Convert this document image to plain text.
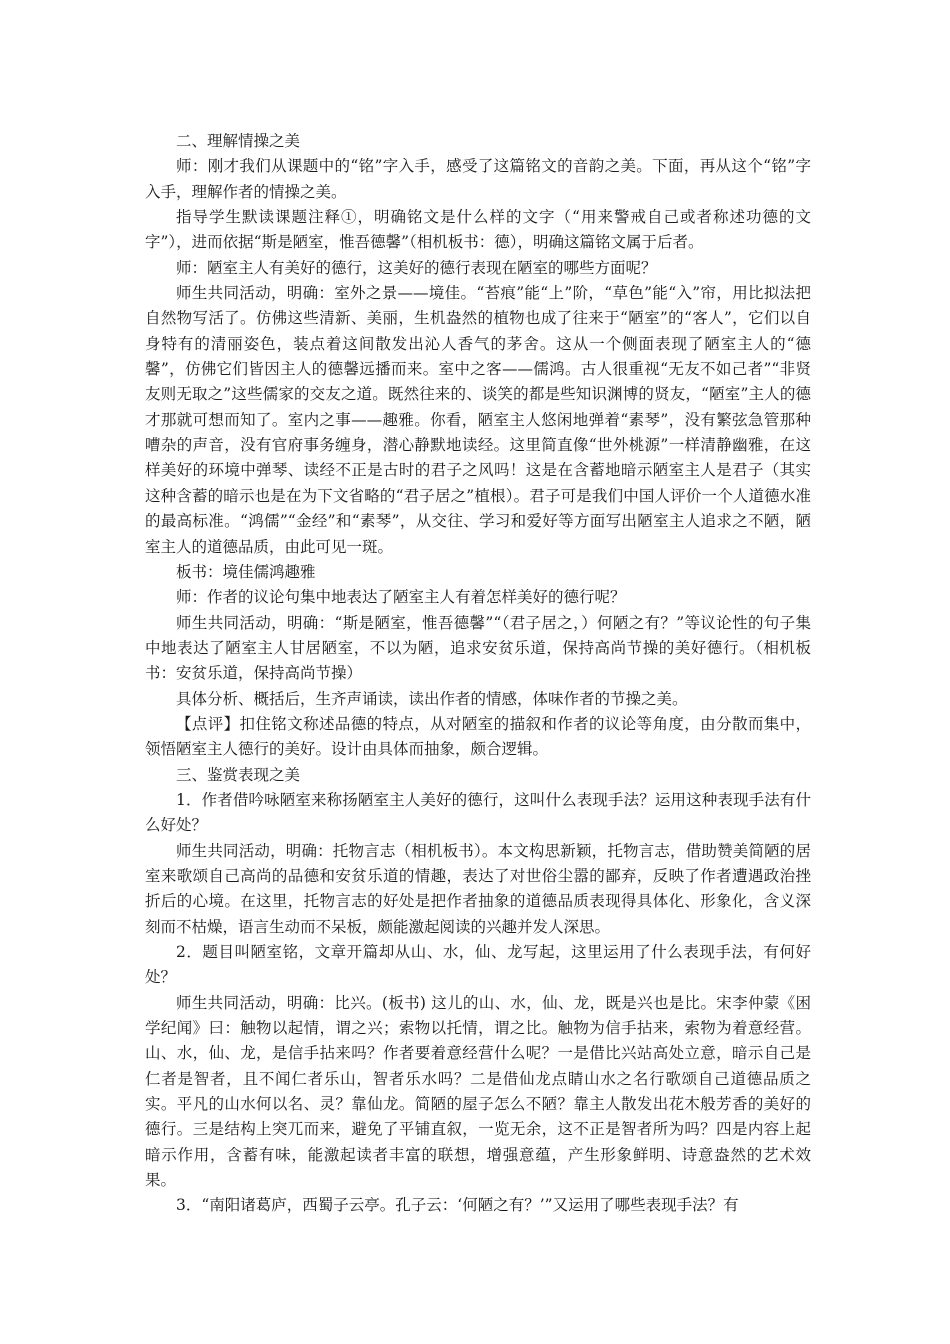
二、理解情操之美

师：刚才我们从课题中的“铭”字入手，感受了这篇铭文的音韵之美。下面，再从这个“铭”字入手，理解作者的情操之美。

指导学生默读课题注释①，明确铭文是什么样的文字（“用来警戒自己或者称述功德的文字”），进而依据“斯是陋室，惟吾德馨”（相机板书：德），明确这篇铭文属于后者。

师：陋室主人有美好的德行，这美好的德行表现在陋室的哪些方面呢？

师生共同活动，明确：室外之景——境佳。“苔痕”能“上”阶，“草色”能“入”帘，用比拟法把自然物写活了。仿佛这些清新、美丽，生机盎然的植物也成了往来于“陋室”的“客人”，它们以自身特有的清丽姿色，装点着这间散发出沁人香气的茅舍。这从一个侧面表现了陋室主人的“德馨”，仿佛它们皆因主人的德馨远播而来。室中之客——儒鸿。古人很重视“无友不如己者”“非贤友则无取之”这些儒家的交友之道。既然往来的、谈笑的都是些知识渊博的贤友，“陋室”主人的德才那就可想而知了。室内之事——趣雅。你看，陋室主人悠闲地弹着“素琴”，没有繁弦急管那种嘈杂的声音，没有官府事务缠身，潜心静默地读经。这里简直像“世外桃源”一样清静幽雅，在这样美好的环境中弹琴、读经不正是古时的君子之风吗！这是在含蓄地暗示陋室主人是君子（其实这种含蓄的暗示也是在为下文省略的“君子居之”植根）。君子可是我们中国人评价一个人道德水准的最高标准。“鸿儒”“金经”和“素琴”，从交往、学习和爱好等方面写出陋室主人追求之不陋，陋室主人的道德品质，由此可见一斑。

板书：境佳儒鸿趣雅

师：作者的议论句集中地表达了陋室主人有着怎样美好的德行呢？

师生共同活动，明确：“斯是陋室，惟吾德馨”“（君子居之，）何陋之有？”等议论性的句子集中地表达了陋室主人甘居陋室，不以为陋，追求安贫乐道，保持高尚节操的美好德行。（相机板书：安贫乐道，保持高尚节操）

具体分析、概括后，生齐声诵读，读出作者的情感，体味作者的节操之美。

【点评】扣住铭文称述品德的特点，从对陋室的描叙和作者的议论等角度，由分散而集中，领悟陋室主人德行的美好。设计由具体而抽象，颇合逻辑。

三、鉴赏表现之美

1．作者借吟咏陋室来称扬陋室主人美好的德行，这叫什么表现手法？运用这种表现手法有什么好处？

师生共同活动，明确：托物言志（相机板书）。本文构思新颖，托物言志，借助赞美简陋的居室来歌颂自己高尚的品德和安贫乐道的情趣，表达了对世俗尘嚣的鄙弃，反映了作者遭遇政治挫折后的心境。在这里，托物言志的好处是把作者抽象的道德品质表现得具体化、形象化，含义深刻而不枯燥，语言生动而不呆板，颇能激起阅读的兴趣并发人深思。

2．题目叫陋室铭，文章开篇却从山、水，仙、龙写起，这里运用了什么表现手法，有何好处？

师生共同活动，明确：比兴。(板书) 这儿的山、水，仙、龙，既是兴也是比。宋李仲蒙《困学纪闻》曰：触物以起情，谓之兴；索物以托情，谓之比。触物为信手拈来，索物为着意经营。山、水，仙、龙，是信手拈来吗？作者要着意经营什么呢？一是借比兴站高处立意，暗示自己是仁者是智者，且不闻仁者乐山，智者乐水吗？二是借仙龙点睛山水之名行歌颂自己道德品质之实。平凡的山水何以名、灵？靠仙龙。简陋的屋子怎么不陋？靠主人散发出花木般芳香的美好的德行。三是结构上突兀而来，避免了平铺直叙，一览无余，这不正是智者所为吗？四是内容上起暗示作用，含蓄有味，能激起读者丰富的联想，增强意蕴，产生形象鲜明、诗意盎然的艺术效果。

3．“南阳诸葛庐，西蜀子云亭。孔子云：‘何陋之有？’”又运用了哪些表现手法？有
